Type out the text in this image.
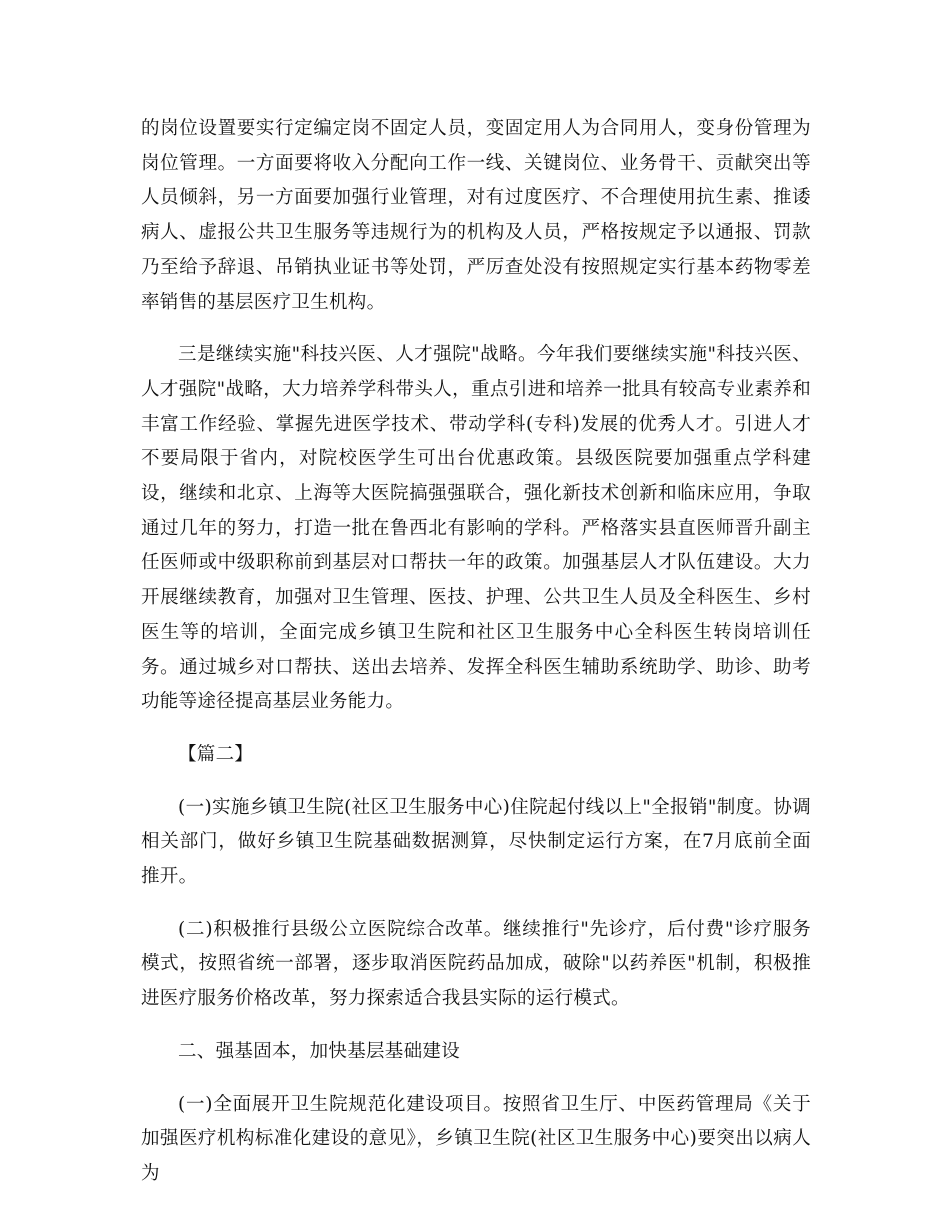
的岗位设置要实行定编定岗不固定人员，变固定用人为合同用人，变身份管理为岗位管理。一方面要将收入分配向工作一线、关键岗位、业务骨干、贡献突出等人员倾斜，另一方面要加强行业管理，对有过度医疗、不合理使用抗生素、推诿病人、虚报公共卫生服务等违规行为的机构及人员，严格按规定予以通报、罚款乃至给予辞退、吊销执业证书等处罚，严厉查处没有按照规定实行基本药物零差率销售的基层医疗卫生机构。

三是继续实施"科技兴医、人才强院"战略。今年我们要继续实施"科技兴医、人才强院"战略，大力培养学科带头人，重点引进和培养一批具有较高专业素养和丰富工作经验、掌握先进医学技术、带动学科(专科)发展的优秀人才。引进人才不要局限于省内，对院校医学生可出台优惠政策。县级医院要加强重点学科建设，继续和北京、上海等大医院搞强强联合，强化新技术创新和临床应用，争取通过几年的努力，打造一批在鲁西北有影响的学科。严格落实县直医师晋升副主任医师或中级职称前到基层对口帮扶一年的政策。加强基层人才队伍建设。大力开展继续教育，加强对卫生管理、医技、护理、公共卫生人员及全科医生、乡村医生等的培训，全面完成乡镇卫生院和社区卫生服务中心全科医生转岗培训任务。通过城乡对口帮扶、送出去培养、发挥全科医生辅助系统助学、助诊、助考功能等途径提高基层业务能力。

【篇二】

(一)实施乡镇卫生院(社区卫生服务中心)住院起付线以上"全报销"制度。协调相关部门，做好乡镇卫生院基础数据测算，尽快制定运行方案，在7月底前全面推开。

(二)积极推行县级公立医院综合改革。继续推行"先诊疗，后付费"诊疗服务模式，按照省统一部署，逐步取消医院药品加成，破除"以药养医"机制，积极推进医疗服务价格改革，努力探索适合我县实际的运行模式。

二、强基固本，加快基层基础建设

(一)全面展开卫生院规范化建设项目。按照省卫生厅、中医药管理局《关于加强医疗机构标准化建设的意见》，乡镇卫生院(社区卫生服务中心)要突出以病人为
